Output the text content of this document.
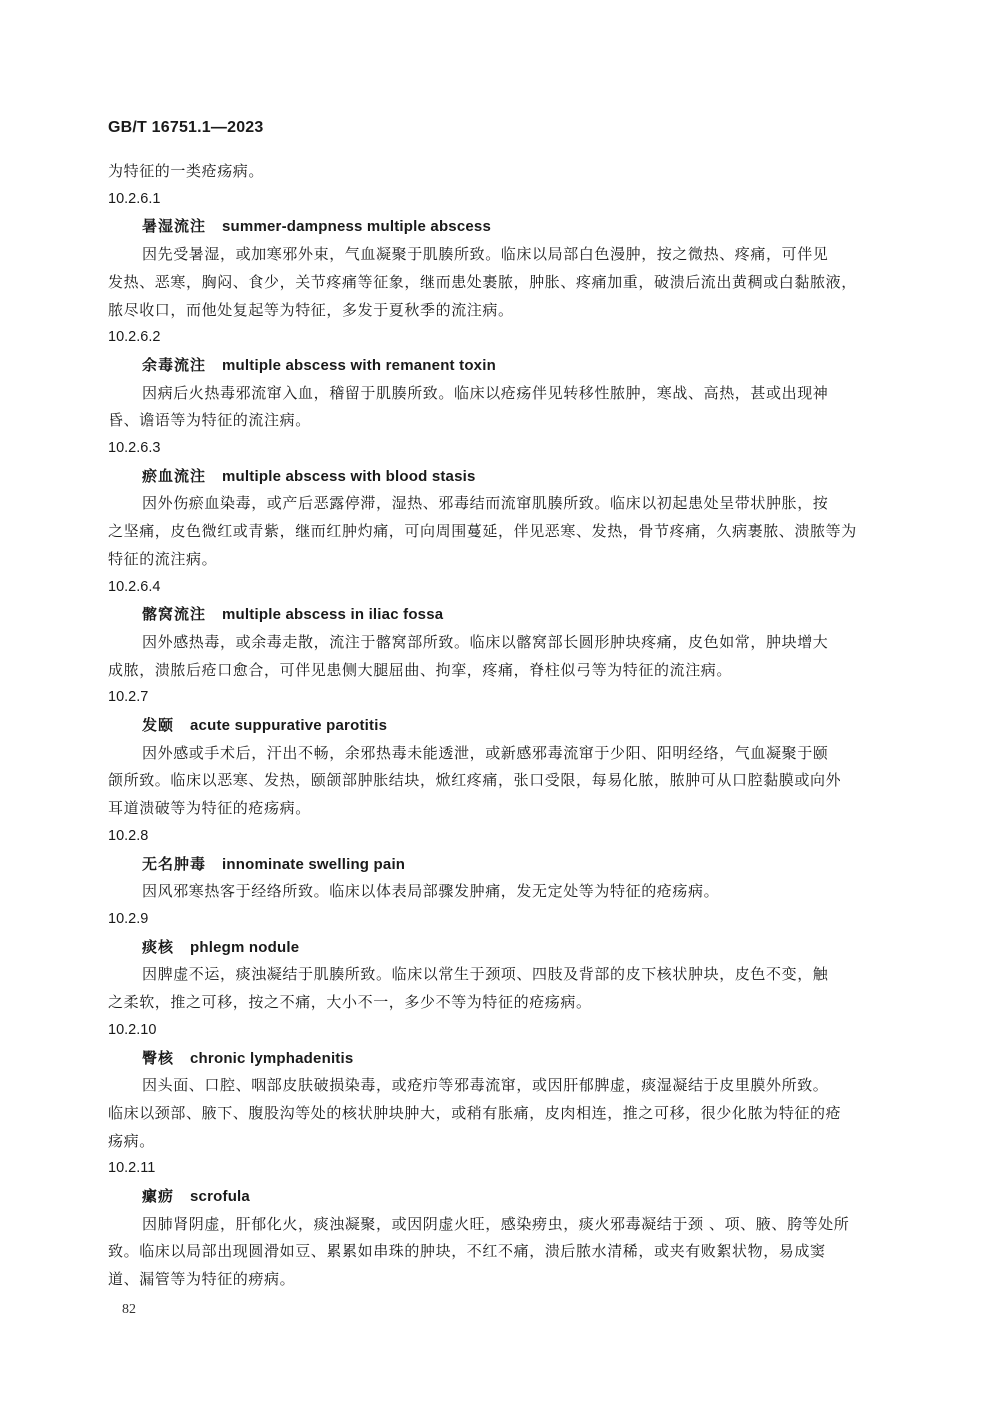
GB/T 16751.1—2023
为特征的一类疮疡病。
10.2.6.1
暑湿流注 summer-dampness multiple abscess
因先受暑湿，或加寒邪外束，气血凝聚于肌腠所致。临床以局部白色漫肿，按之微热、疼痛，可伴见
发热、恶寒，胸闷、食少，关节疼痛等征象，继而患处裹脓，肿胀、疼痛加重，破溃后流出黄稠或白黏脓液，
脓尽收口，而他处复起等为特征，多发于夏秋季的流注病。
10.2.6.2
余毒流注 multiple abscess with remanent toxin
因病后火热毒邪流窜入血，稽留于肌腠所致。临床以疮疡伴见转移性脓肿，寒战、高热，甚或出现神
昏、谵语等为特征的流注病。
10.2.6.3
瘀血流注 multiple abscess with blood stasis
因外伤瘀血染毒，或产后恶露停滞，湿热、邪毒结而流窜肌腠所致。临床以初起患处呈带状肿胀，按
之坚痛，皮色微红或青紫，继而红肿灼痛，可向周围蔓延，伴见恶寒、发热，骨节疼痛，久病裹脓、溃脓等为
特征的流注病。
10.2.6.4
髂窝流注 multiple abscess in iliac fossa
因外感热毒，或余毒走散，流注于髂窝部所致。临床以髂窝部长圆形肿块疼痛，皮色如常，肿块增大
成脓，溃脓后疮口愈合，可伴见患侧大腿屈曲、拘挛，疼痛，脊柱似弓等为特征的流注病。
10.2.7
发颐 acute suppurative parotitis
因外感或手术后，汗出不畅，余邪热毒未能透泄，或新感邪毒流窜于少阳、阳明经络，气血凝聚于颐
颌所致。临床以恶寒、发热，颐颌部肿胀结块，焮红疼痛，张口受限，每易化脓，脓肿可从口腔黏膜或向外
耳道溃破等为特征的疮疡病。
10.2.8
无名肿毒 innominate swelling pain
因风邪寒热客于经络所致。临床以体表局部骤发肿痛，发无定处等为特征的疮疡病。
10.2.9
痰核 phlegm nodule
因脾虚不运，痰浊凝结于肌腠所致。临床以常生于颈项、四肢及背部的皮下核状肿块，皮色不变，触
之柔软，推之可移，按之不痛，大小不一，多少不等为特征的疮疡病。
10.2.10
臀核 chronic lymphadenitis
因头面、口腔、咽部皮肤破损染毒，或疮疖等邪毒流窜，或因肝郁脾虚，痰湿凝结于皮里膜外所致。
临床以颈部、腋下、腹股沟等处的核状肿块肿大，或稍有胀痛，皮肉相连，推之可移，很少化脓为特征的疮
疡病。
10.2.11
瘰疬 scrofula
因肺肾阴虚，肝郁化火，痰浊凝聚，或因阴虚火旺，感染痨虫，痰火邪毒凝结于颈 、项、腋、胯等处所
致。临床以局部出现圆滑如豆、累累如串珠的肿块，不红不痛，溃后脓水清稀，或夹有败絮状物，易成窦
道、漏管等为特征的痨病。
82
